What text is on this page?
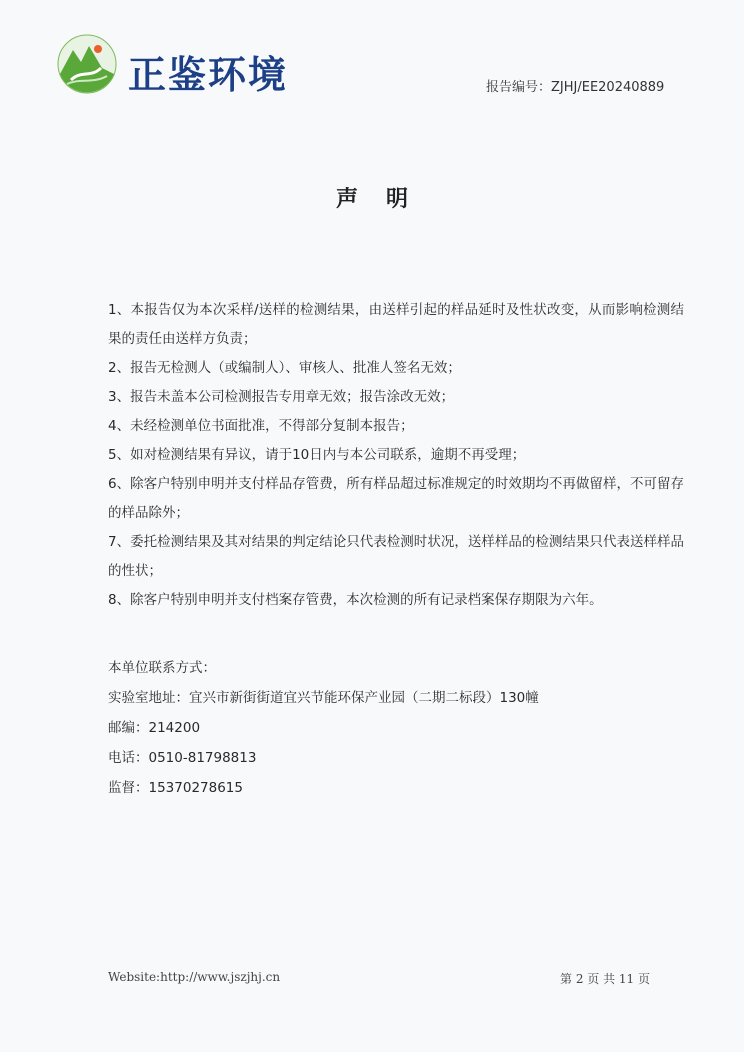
正鉴环境	报告编号：ZJHJ/EE20240889
声明

1、本报告仅为本次采样/送样的检测结果，由送样引起的样品延时及性状改变，从而影响检测结果的责任由送样方负责；

2、报告无检测人（或编制人）、审核人、批准人签名无效；

3、报告未盖本公司检测报告专用章无效；报告涂改无效；

4、未经检测单位书面批准，不得部分复制本报告；

5、如对检测结果有异议，请于10日内与本公司联系，逾期不再受理；

6、除客户特别申明并支付样品存管费，所有样品超过标准规定的时效期均不再做留样，不可留存的样品除外；

7、委托检测结果及其对结果的判定结论只代表检测时状况，送样样品的检测结果只代表送样样品的性状；

8、除客户特别申明并支付档案存管费，本次检测的所有记录档案保存期限为六年。

本单位联系方式：
实验室地址：宜兴市新街街道宜兴节能环保产业园（二期二标段）130幢
邮编：214200
电话：0510-81798813
监督：15370278615
Website:http://www.jszjhj.cn	第 2 页 共 11 页
